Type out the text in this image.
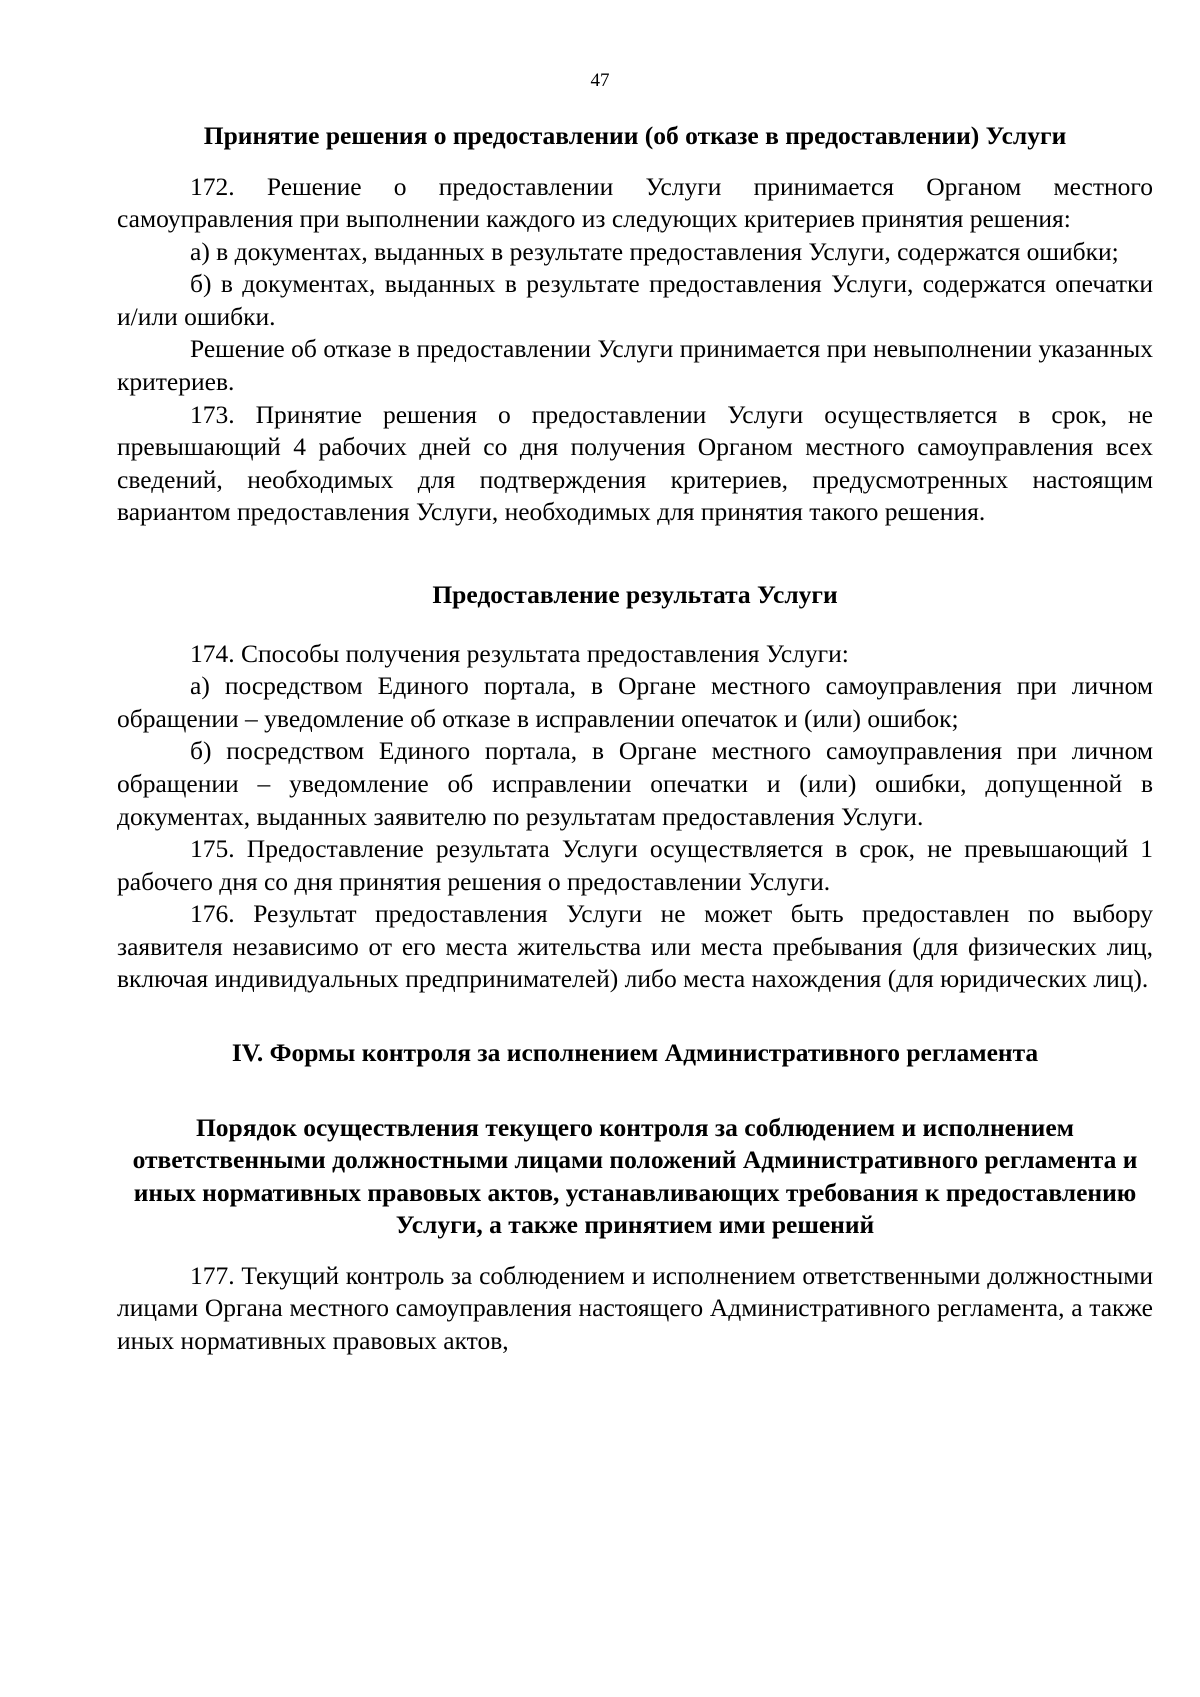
47

Принятие решения о предоставлении (об отказе в предоставлении) Услуги

172. Решение о предоставлении Услуги принимается Органом местного самоуправления при выполнении каждого из следующих критериев принятия решения:

а) в документах, выданных в результате предоставления Услуги, содержатся ошибки;

б) в документах, выданных в результате предоставления Услуги, содержатся опечатки и/или ошибки.

Решение об отказе в предоставлении Услуги принимается при невыполнении указанных критериев.

173. Принятие решения о предоставлении Услуги осуществляется в срок, не превышающий 4 рабочих дней со дня получения Органом местного самоуправления всех сведений, необходимых для подтверждения критериев, предусмотренных настоящим вариантом предоставления Услуги, необходимых для принятия такого решения.

Предоставление результата Услуги

174. Способы получения результата предоставления Услуги:

а) посредством Единого портала, в Органе местного самоуправления при личном обращении – уведомление об отказе в исправлении опечаток и (или) ошибок;

б) посредством Единого портала, в Органе местного самоуправления при личном обращении – уведомление об исправлении опечатки и (или) ошибки, допущенной в документах, выданных заявителю по результатам предоставления Услуги.

175. Предоставление результата Услуги осуществляется в срок, не превышающий 1 рабочего дня со дня принятия решения о предоставлении Услуги.

176. Результат предоставления Услуги не может быть предоставлен по выбору заявителя независимо от его места жительства или места пребывания (для физических лиц, включая индивидуальных предпринимателей) либо места нахождения (для юридических лиц).

IV. Формы контроля за исполнением Административного регламента

Порядок осуществления текущего контроля за соблюдением и исполнением ответственными должностными лицами положений Административного регламента и иных нормативных правовых актов, устанавливающих требования к предоставлению Услуги, а также принятием ими решений

177. Текущий контроль за соблюдением и исполнением ответственными должностными лицами Органа местного самоуправления настоящего Административного регламента, а также иных нормативных правовых актов,
